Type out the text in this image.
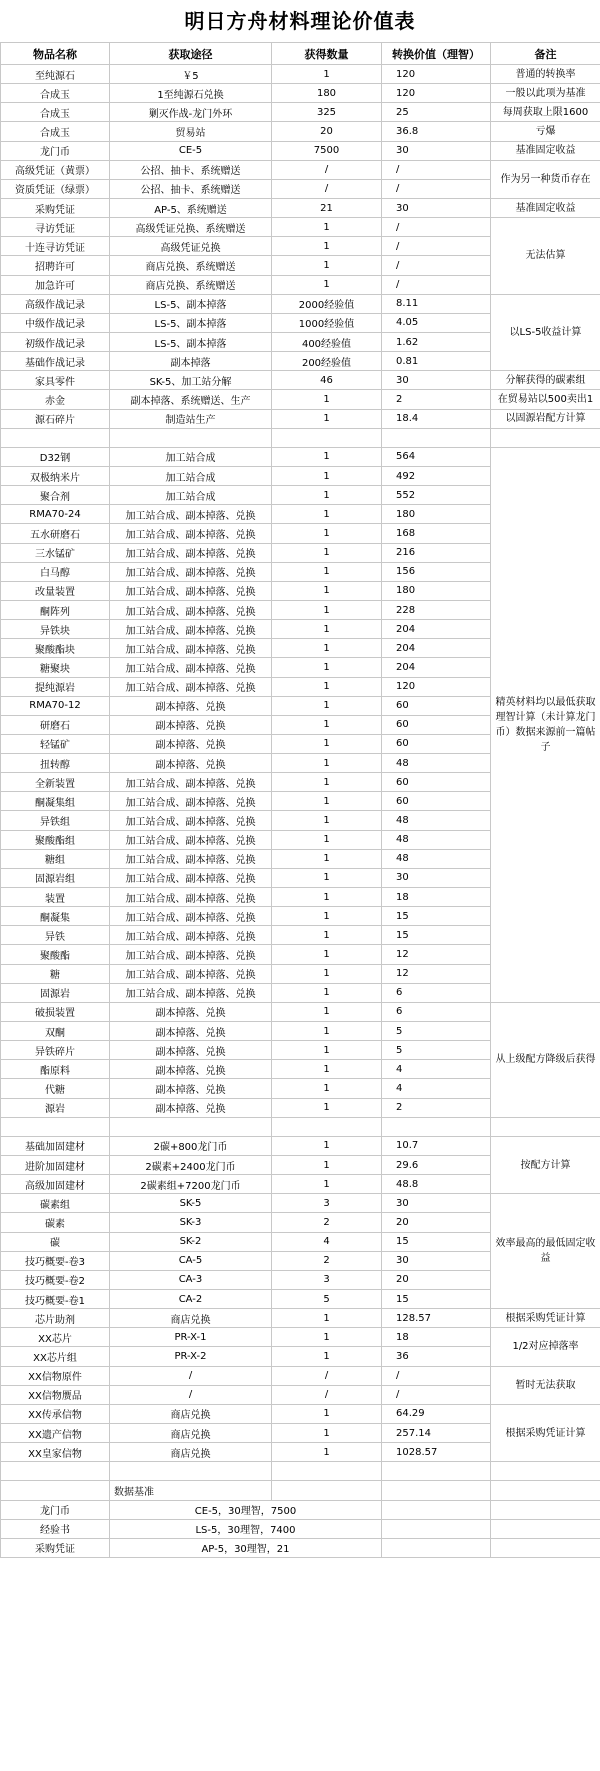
明日方舟材料理论价值表
物品名称	获取途径	获得数量	转换价值（理智）	备注
至纯源石	￥5	1	120	普通的转换率
合成玉	1至纯源石兑换	180	120	一般以此项为基准
合成玉	剿灭作战-龙门外环	325	25	每周获取上限1600
合成玉	贸易站	20	36.8	亏爆
龙门币	CE-5	7500	30	基准固定收益
高级凭证（黄票）	公招、抽卡、系统赠送	/	/	作为另一种货币存在
资质凭证（绿票）	公招、抽卡、系统赠送	/	/	
采购凭证	AP-5、系统赠送	21	30	基准固定收益
寻访凭证	高级凭证兑换、系统赠送	1	/	无法估算
十连寻访凭证	高级凭证兑换	1	/	
招聘许可	商店兑换、系统赠送	1	/	
加急许可	商店兑换、系统赠送	1	/	
高级作战记录	LS-5、副本掉落	2000经验值	8.11	以LS-5收益计算
中级作战记录	LS-5、副本掉落	1000经验值	4.05	
初级作战记录	LS-5、副本掉落	400经验值	1.62	
基础作战记录	副本掉落	200经验值	0.81	
家具零件	SK-5、加工站分解	46	30	分解获得的碳素组
赤金	副本掉落、系统赠送、生产	1	2	在贸易站以500卖出1
源石碎片	制造站生产	1	18.4	以固源岩配方计算

D32钢	加工站合成	1	564	精英材料均以最低获取理智计算（未计算龙门币）数据来源前一篇帖子
双极纳米片	加工站合成	1	492	
聚合剂	加工站合成	1	552	
RMA70-24	加工站合成、副本掉落、兑换	1	180	
五水研磨石	加工站合成、副本掉落、兑换	1	168	
三水锰矿	加工站合成、副本掉落、兑换	1	216	
白马醇	加工站合成、副本掉落、兑换	1	156	
改量装置	加工站合成、副本掉落、兑换	1	180	
酮阵列	加工站合成、副本掉落、兑换	1	228	
异铁块	加工站合成、副本掉落、兑换	1	204	
聚酸酯块	加工站合成、副本掉落、兑换	1	204	
糖聚块	加工站合成、副本掉落、兑换	1	204	
提纯源岩	加工站合成、副本掉落、兑换	1	120	
RMA70-12	副本掉落、兑换	1	60	
研磨石	副本掉落、兑换	1	60	
轻锰矿	副本掉落、兑换	1	60	
扭转醇	副本掉落、兑换	1	48	
全新装置	加工站合成、副本掉落、兑换	1	60	
酮凝集组	加工站合成、副本掉落、兑换	1	60	
异铁组	加工站合成、副本掉落、兑换	1	48	
聚酸酯组	加工站合成、副本掉落、兑换	1	48	
糖组	加工站合成、副本掉落、兑换	1	48	
固源岩组	加工站合成、副本掉落、兑换	1	30	
装置	加工站合成、副本掉落、兑换	1	18	
酮凝集	加工站合成、副本掉落、兑换	1	15	
异铁	加工站合成、副本掉落、兑换	1	15	
聚酸酯	加工站合成、副本掉落、兑换	1	12	
糖	加工站合成、副本掉落、兑换	1	12	
固源岩	加工站合成、副本掉落、兑换	1	6	
破损装置	副本掉落、兑换	1	6	从上级配方降级后获得
双酮	副本掉落、兑换	1	5	
异铁碎片	副本掉落、兑换	1	5	
酯原料	副本掉落、兑换	1	4	
代糖	副本掉落、兑换	1	4	
源岩	副本掉落、兑换	1	2	

基础加固建材	2碳+800龙门币	1	10.7	按配方计算
进阶加固建材	2碳素+2400龙门币	1	29.6	
高级加固建材	2碳素组+7200龙门币	1	48.8	
碳素组	SK-5	3	30	效率最高的最低固定收益
碳素	SK-3	2	20	
碳	SK-2	4	15	
技巧概要-卷3	CA-5	2	30	
技巧概要-卷2	CA-3	3	20	
技巧概要-卷1	CA-2	5	15	
芯片助剂	商店兑换	1	128.57	根据采购凭证计算
XX芯片	PR-X-1	1	18	1/2对应掉落率
XX芯片组	PR-X-2	1	36	
XX信物原件	/	/	/	暂时无法获取
XX信物赝品	/	/	/	
XX传承信物	商店兑换	1	64.29	根据采购凭证计算
XX遗产信物	商店兑换	1	257.14	
XX皇家信物	商店兑换	1	1028.57	

	数据基准			
龙门币	CE-5，30理智，7500			
经验书	LS-5，30理智，7400			
采购凭证	AP-5，30理智，21			
